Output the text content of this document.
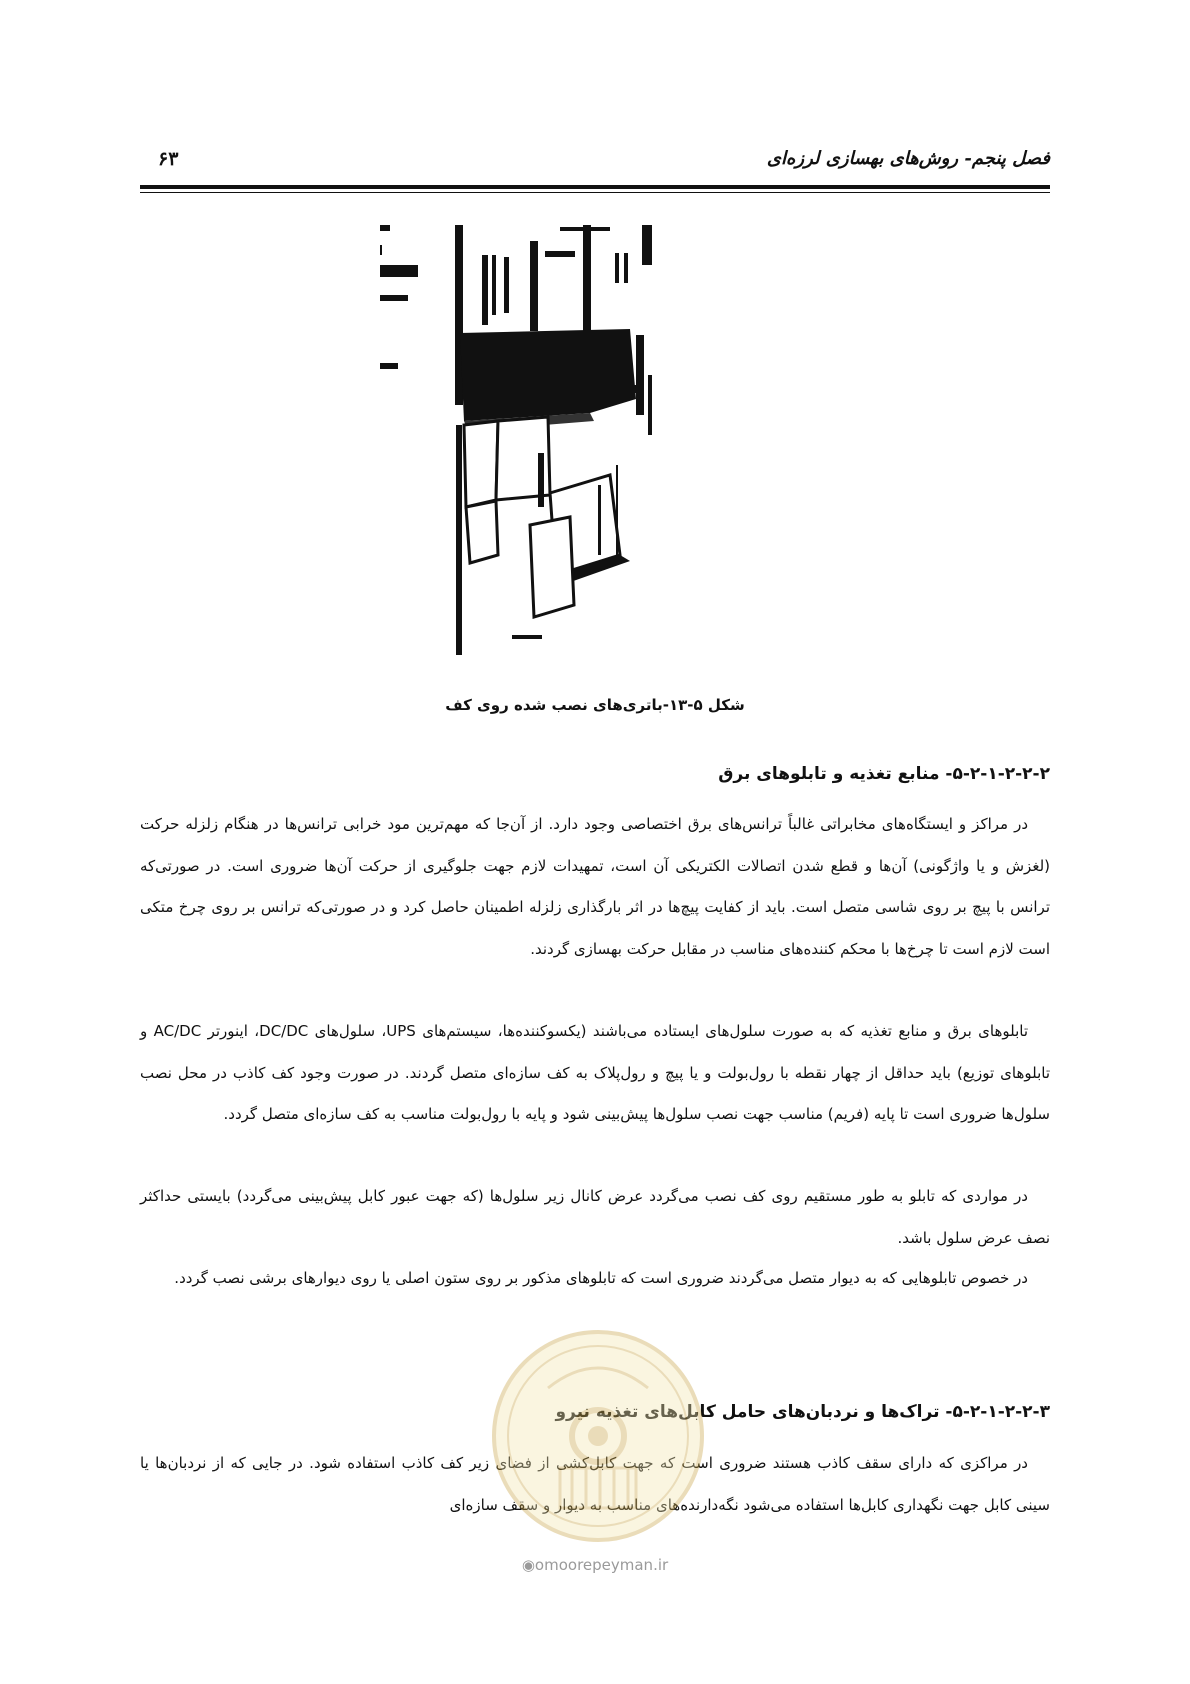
فصل پنجم- روش‌های بهسازی لرزه‌ای
۶۳
شکل ۵-۱۳-باتری‌های نصب شده روی کف
۵-۲-۱-۲-۲-۲- منابع تغذیه و تابلوهای برق

در مراکز و ایستگاه‌های مخابراتی غالباً ترانس‌های برق اختصاصی وجود دارد. از آن‌جا که مهم‌ترین مود خرابی ترانس‌ها در هنگام زلزله حرکت (لغزش و یا واژگونی) آن‌ها و قطع شدن اتصالات الکتریکی آن است، تمهیدات لازم جهت جلوگیری از حرکت آن‌ها ضروری است. در صورتی‌که ترانس با پیچ بر روی شاسی متصل است. باید از کفایت پیچ‌ها در اثر بارگذاری زلزله اطمینان حاصل کرد و در صورتی‌که ترانس بر روی چرخ متکی است لازم است تا چرخ‌ها با محکم کننده‌های مناسب در مقابل حرکت بهسازی گردند.

تابلوهای برق و منابع تغذیه که به صورت سلول‌های ایستاده می‌باشند (یکسوکننده‌ها، سیستم‌های UPS، سلول‌های DC/DC، اینورتر AC/DC و تابلوهای توزیع) باید حداقل از چهار نقطه با رول‌بولت و یا پیچ و رول‌پلاک به کف سازه‌ای متصل گردند. در صورت وجود کف کاذب در محل نصب سلول‌ها ضروری است تا پایه (فریم) مناسب جهت نصب سلول‌ها پیش‌بینی شود و پایه با رول‌بولت مناسب به کف سازه‌ای متصل گردد.

در مواردی که تابلو به طور مستقیم روی کف نصب می‌گردد عرض کانال زیر سلول‌ها (که جهت عبور کابل پیش‌بینی می‌گردد) بایستی حداکثر نصف عرض سلول باشد.

در خصوص تابلوهایی که به دیوار متصل می‌گردند ضروری است که تابلوهای مذکور بر روی ستون اصلی یا روی دیوارهای برشی نصب گردد.

۵-۲-۱-۲-۲-۳- تراک‌ها و نردبان‌های حامل کابل‌های تغذیه نیرو

در مراکزی که دارای سقف کاذب هستند ضروری است که جهت کابل‌کشی از فضای زیر کف کاذب استفاده شود. در جایی که از نردبان‌ها یا سینی کابل جهت نگهداری کابل‌ها استفاده می‌شود نگه‌دارنده‌های مناسب به دیوار و سقف سازه‌ای

◉omoorepeyman.ir
